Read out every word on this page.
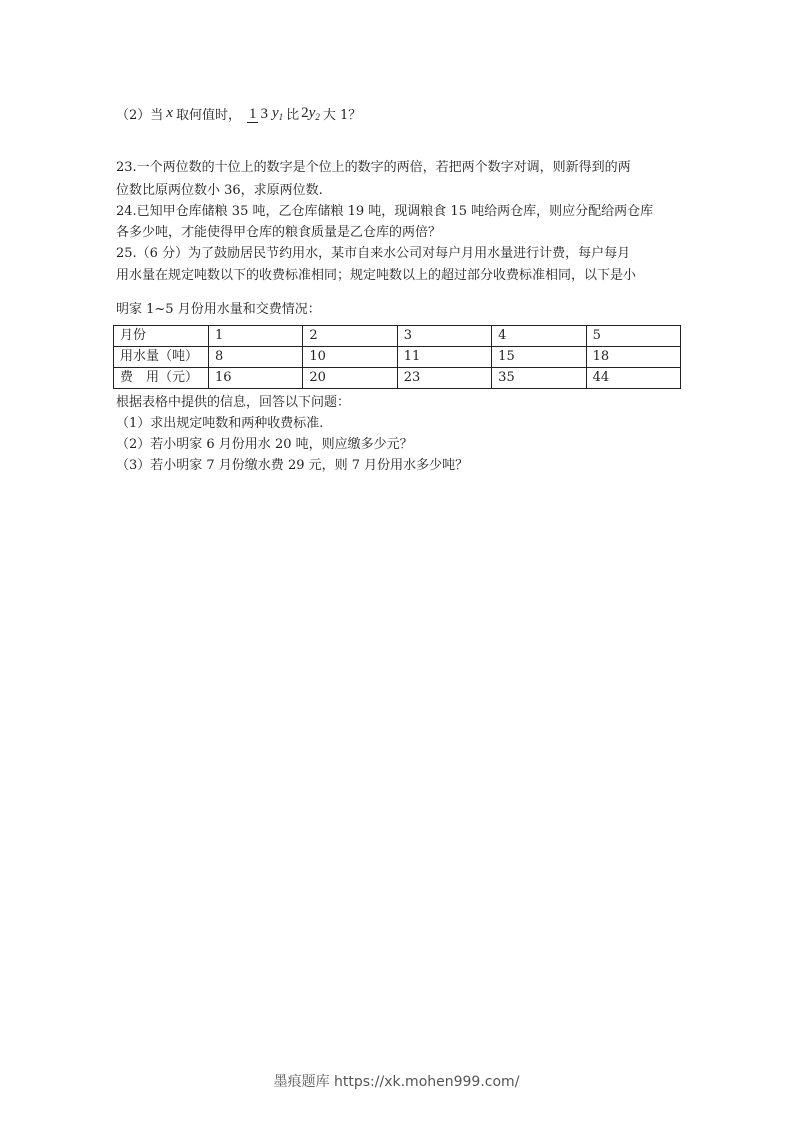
（2）当 x 取何值时， 1 3 $y_1$ 比 $2y_2$ 大 1？
23.一个两位数的十位上的数字是个位上的数字的两倍，若把两个数字对调，则新得到的两
位数比原两位数小 36，求原两位数.
24.已知甲仓库储粮 35 吨，乙仓库储粮 19 吨，现调粮食 15 吨给两仓库，则应分配给两仓库
各多少吨，才能使得甲仓库的粮食质量是乙仓库的两倍？
25.（6 分）为了鼓励居民节约用水，某市自来水公司对每户月用水量进行计费，每户每月
用水量在规定吨数以下的收费标准相同；规定吨数以上的超过部分收费标准相同，以下是小
明家 1~5 月份用水量和交费情况：
月份	1	2	3	4	5
用水量（吨）	8	10	11	15	18
费　用（元）	16	20	23	35	44
根据表格中提供的信息，回答以下问题：
（1）求出规定吨数和两种收费标准.
（2）若小明家 6 月份用水 20 吨，则应缴多少元？
（3）若小明家 7 月份缴水费 29 元，则 7 月份用水多少吨？
墨痕题库 https://xk.mohen999.com/
